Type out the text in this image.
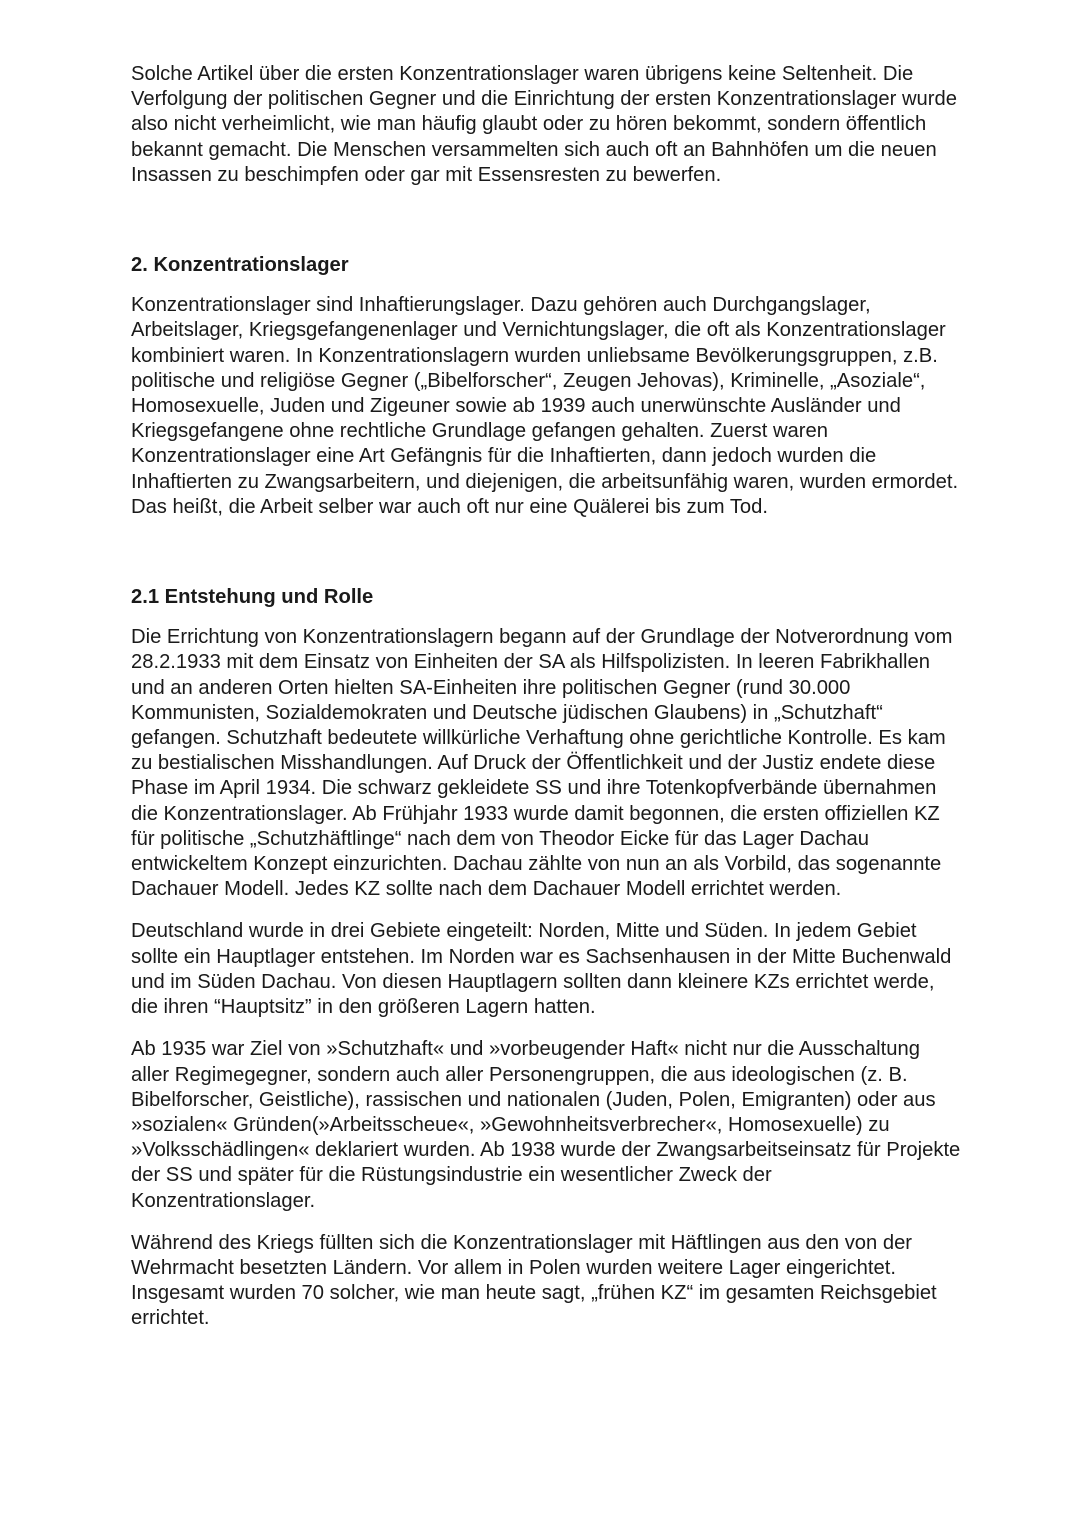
Solche Artikel über die ersten Konzentrationslager waren übrigens keine Seltenheit. Die Verfolgung der politischen Gegner und die Einrichtung der ersten Konzentrationslager wurde also nicht verheimlicht, wie man häufig glaubt oder zu hören bekommt, sondern öffentlich bekannt gemacht. Die Menschen versammelten sich auch oft an Bahnhöfen um die neuen Insassen zu beschimpfen oder gar mit Essensresten zu bewerfen.

2. Konzentrationslager

Konzentrationslager sind Inhaftierungslager. Dazu gehören auch Durchgangslager, Arbeitslager, Kriegsgefangenenlager und Vernichtungslager, die oft als Konzentrationslager kombiniert waren. In Konzentrationslagern wurden unliebsame Bevölkerungsgruppen, z.B. politische und religiöse Gegner („Bibelforscher“, Zeugen Jehovas), Kriminelle, „Asoziale“, Homosexuelle, Juden und Zigeuner sowie ab 1939 auch unerwünschte Ausländer und Kriegsgefangene ohne rechtliche Grundlage gefangen gehalten. Zuerst waren Konzentrationslager eine Art Gefängnis für die Inhaftierten, dann jedoch wurden die Inhaftierten zu Zwangsarbeitern, und diejenigen, die arbeitsunfähig waren, wurden ermordet. Das heißt, die Arbeit selber war auch oft nur eine Quälerei bis zum Tod.

2.1 Entstehung und Rolle

Die Errichtung von Konzentrationslagern begann auf der Grundlage der Notverordnung vom 28.2.1933 mit dem Einsatz von Einheiten der SA als Hilfspolizisten. In leeren Fabrikhallen und an anderen Orten hielten SA-Einheiten ihre politischen Gegner (rund 30.000 Kommunisten, Sozialdemokraten und Deutsche jüdischen Glaubens) in „Schutzhaft“ gefangen. Schutzhaft bedeutete willkürliche Verhaftung ohne gerichtliche Kontrolle. Es kam zu bestialischen Misshandlungen. Auf Druck der Öffentlichkeit und der Justiz endete diese Phase im April 1934. Die schwarz gekleidete SS und ihre Totenkopfverbände übernahmen die Konzentrationslager. Ab Frühjahr 1933 wurde damit begonnen, die ersten offiziellen KZ für politische „Schutzhäftlinge“ nach dem von Theodor Eicke für das Lager Dachau entwickeltem Konzept einzurichten. Dachau zählte von nun an als Vorbild, das sogenannte Dachauer Modell. Jedes KZ sollte nach dem Dachauer Modell errichtet werden.

Deutschland wurde in drei Gebiete eingeteilt: Norden, Mitte und Süden. In jedem Gebiet sollte ein Hauptlager entstehen. Im Norden war es Sachsenhausen in der Mitte Buchenwald und im Süden Dachau. Von diesen Hauptlagern sollten dann kleinere KZs errichtet werde, die ihren “Hauptsitz” in den größeren Lagern hatten.

Ab 1935 war Ziel von »Schutzhaft« und »vorbeugender Haft« nicht nur die Ausschaltung aller Regimegegner, sondern auch aller Personengruppen, die aus ideologischen (z. B. Bibelforscher, Geistliche), rassischen und nationalen (Juden, Polen, Emigranten) oder aus »sozialen« Gründen(»Arbeitsscheue«, »Gewohnheitsverbrecher«, Homosexuelle) zu »Volksschädlingen« deklariert wurden. Ab 1938 wurde der Zwangsarbeitseinsatz für Projekte der SS und später für die Rüstungsindustrie ein wesentlicher Zweck der Konzentrationslager.

Während des Kriegs füllten sich die Konzentrationslager mit Häftlingen aus den von der Wehrmacht besetzten Ländern. Vor allem in Polen wurden weitere Lager eingerichtet. Insgesamt wurden 70 solcher, wie man heute sagt, „frühen KZ“ im gesamten Reichsgebiet errichtet.
